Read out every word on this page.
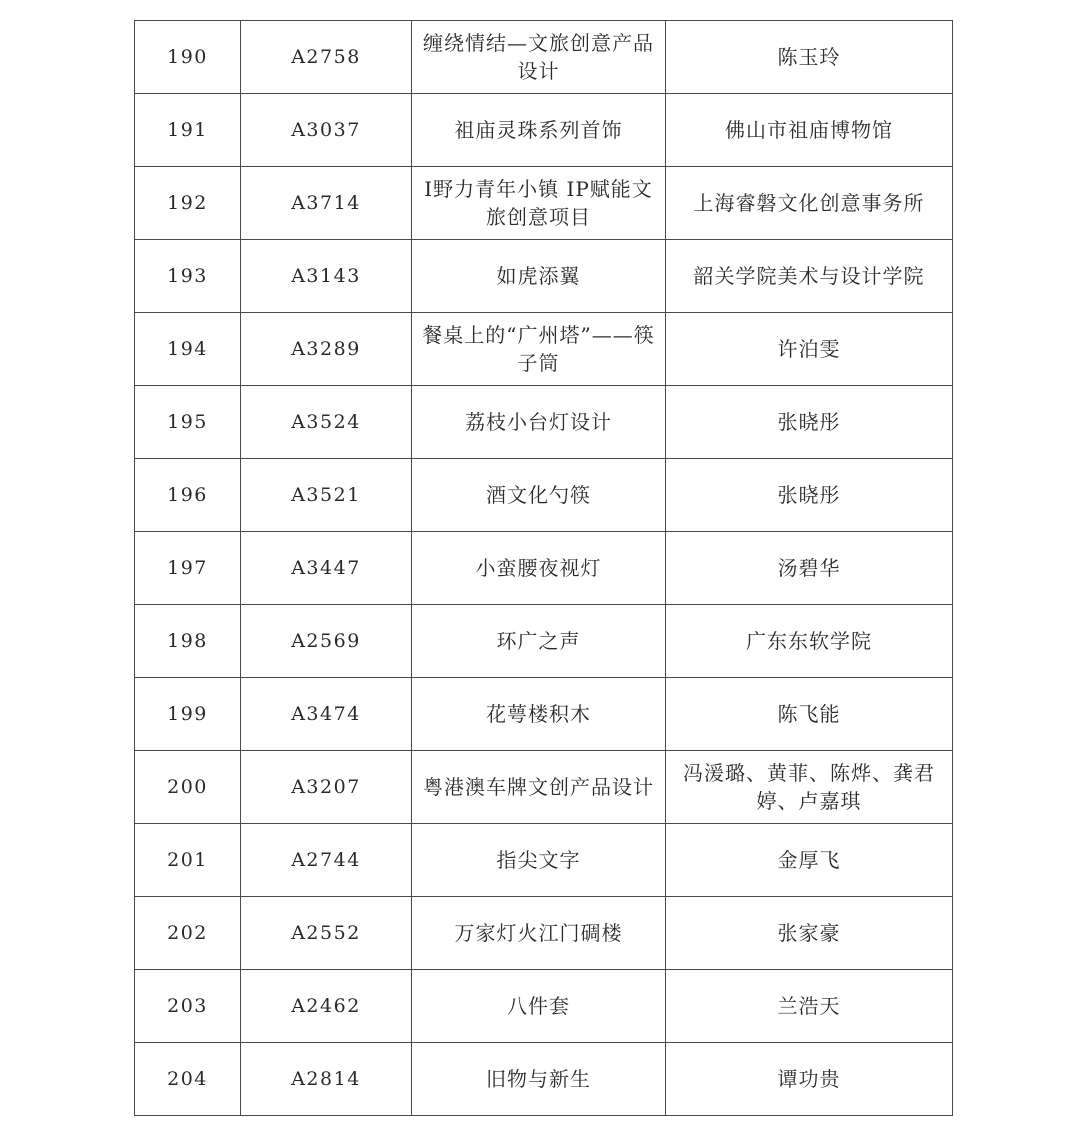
190	A2758	缠绕情结—文旅创意产品设计	陈玉玲
191	A3037	祖庙灵珠系列首饰	佛山市祖庙博物馆
192	A3714	I野力青年小镇 IP赋能文旅创意项目	上海睿磐文化创意事务所
193	A3143	如虎添翼	韶关学院美术与设计学院
194	A3289	餐桌上的“广州塔”——筷子筒	许泊雯
195	A3524	荔枝小台灯设计	张晓彤
196	A3521	酒文化勺筷	张晓彤
197	A3447	小蛮腰夜视灯	汤碧华
198	A2569	环广之声	广东东软学院
199	A3474	花萼楼积木	陈飞能
200	A3207	粤港澳车牌文创产品设计	冯湲璐、黄菲、陈烨、龚君婷、卢嘉琪
201	A2744	指尖文字	金厚飞
202	A2552	万家灯火江门碉楼	张家豪
203	A2462	八件套	兰浩天
204	A2814	旧物与新生	谭功贵
